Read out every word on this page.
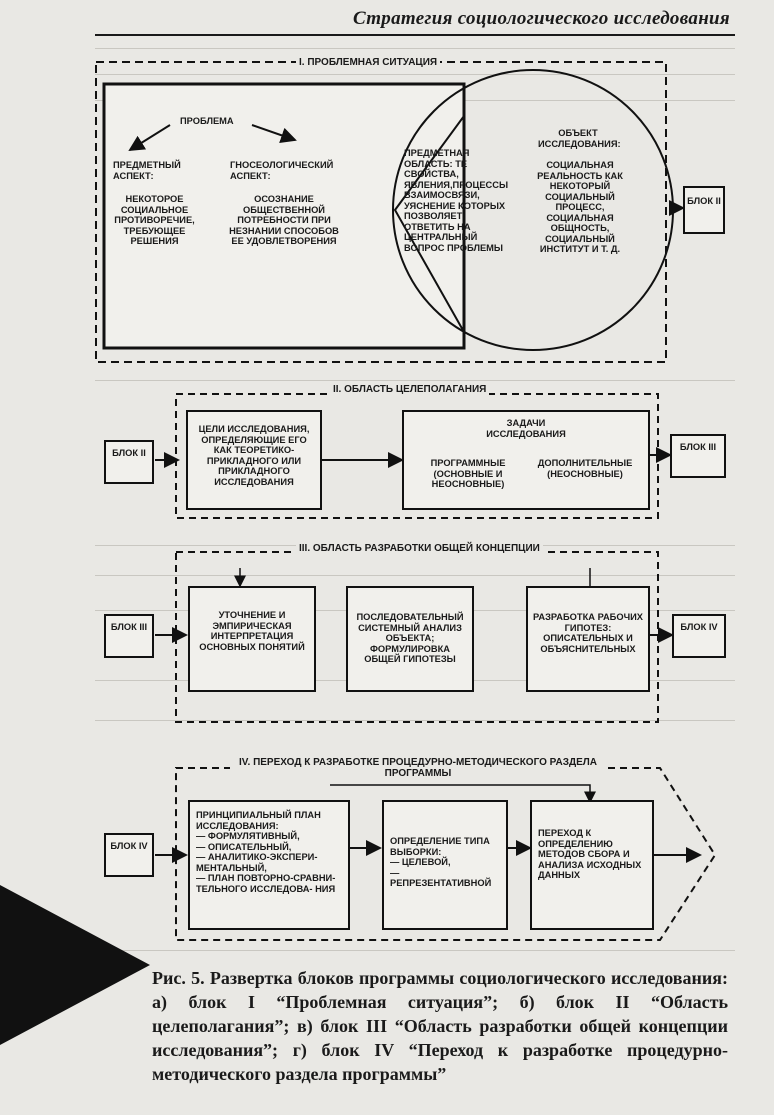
Стратегия социологического исследования
I. ПРОБЛЕМНАЯ СИТУАЦИЯ
ПРОБЛЕМА
ПРЕДМЕТНЫЙ АСПЕКТ:
НЕКОТОРОЕ СОЦИАЛЬНОЕ ПРОТИВОРЕЧИЕ, ТРЕБУЮЩЕЕ РЕШЕНИЯ
ГНОСЕОЛОГИЧЕСКИЙ АСПЕКТ:
ОСОЗНАНИЕ ОБЩЕСТВЕННОЙ ПОТРЕБНОСТИ ПРИ НЕЗНАНИИ СПОСОБОВ ЕЕ УДОВЛЕТВОРЕНИЯ
ПРЕДМЕТНАЯ ОБЛАСТЬ: ТЕ СВОЙСТВА, ЯВЛЕНИЯ,ПРОЦЕССЫ ВЗАИМОСВЯЗИ, УЯСНЕНИЕ КОТОРЫХ ПОЗВОЛЯЕТ ОТВЕТИТЬ НА ЦЕНТРАЛЬНЫЙ ВОПРОС ПРОБЛЕМЫ
ОБЪЕКТ ИССЛЕДОВАНИЯ:
СОЦИАЛЬНАЯ РЕАЛЬНОСТЬ КАК НЕКОТОРЫЙ СОЦИАЛЬНЫЙ ПРОЦЕСС, СОЦИАЛЬНАЯ ОБЩНОСТЬ, СОЦИАЛЬНЫЙ ИНСТИТУТ И Т. Д.
БЛОК II
II. ОБЛАСТЬ ЦЕЛЕПОЛАГАНИЯ
БЛОК II
ЦЕЛИ ИССЛЕДОВАНИЯ, ОПРЕДЕЛЯЮЩИЕ ЕГО КАК ТЕОРЕТИКО-ПРИКЛАДНОГО ИЛИ ПРИКЛАДНОГО ИССЛЕДОВАНИЯ
ЗАДАЧИ ИССЛЕДОВАНИЯ
ПРОГРАММНЫЕ (ОСНОВНЫЕ И НЕОСНОВНЫЕ)
ДОПОЛНИТЕЛЬНЫЕ (НЕОСНОВНЫЕ)
БЛОК III
III. ОБЛАСТЬ РАЗРАБОТКИ ОБЩЕЙ КОНЦЕПЦИИ
БЛОК III
УТОЧНЕНИЕ И ЭМПИРИЧЕСКАЯ ИНТЕРПРЕТАЦИЯ ОСНОВНЫХ ПОНЯТИЙ
ПОСЛЕДОВАТЕЛЬНЫЙ СИСТЕМНЫЙ АНАЛИЗ ОБЪЕКТА; ФОРМУЛИРОВКА ОБЩЕЙ ГИПОТЕЗЫ
РАЗРАБОТКА РАБОЧИХ ГИПОТЕЗ: ОПИСАТЕЛЬНЫХ И ОБЪЯСНИТЕЛЬНЫХ
БЛОК IV
IV. ПЕРЕХОД К РАЗРАБОТКЕ ПРОЦЕДУРНО-МЕТОДИЧЕСКОГО РАЗДЕЛА ПРОГРАММЫ
БЛОК IV
ПРИНЦИПИАЛЬНЫЙ ПЛАН ИССЛЕДОВАНИЯ:
— ФОРМУЛЯТИВНЫЙ,
— ОПИСАТЕЛЬНЫЙ,
— АНАЛИТИКО-ЭКСПЕРИ- МЕНТАЛЬНЫЙ,
— ПЛАН ПОВТОРНО-СРАВНИ- ТЕЛЬНОГО ИССЛЕДОВА- НИЯ
ОПРЕДЕЛЕНИЕ ТИПА ВЫБОРКИ:
— ЦЕЛЕВОЙ,
— РЕПРЕЗЕНТАТИВНОЙ
ПЕРЕХОД К ОПРЕДЕЛЕНИЮ МЕТОДОВ СБОРА И АНАЛИЗА ИСХОДНЫХ ДАННЫХ
Рис. 5. Развертка блоков программы социологического исследования: а) блок I “Проблемная ситуация”; б) блок II “Область целеполагания”; в) блок III “Область разработки общей концепции исследования”; г) блок IV “Переход к разработке процедурно-методического раздела программы”
